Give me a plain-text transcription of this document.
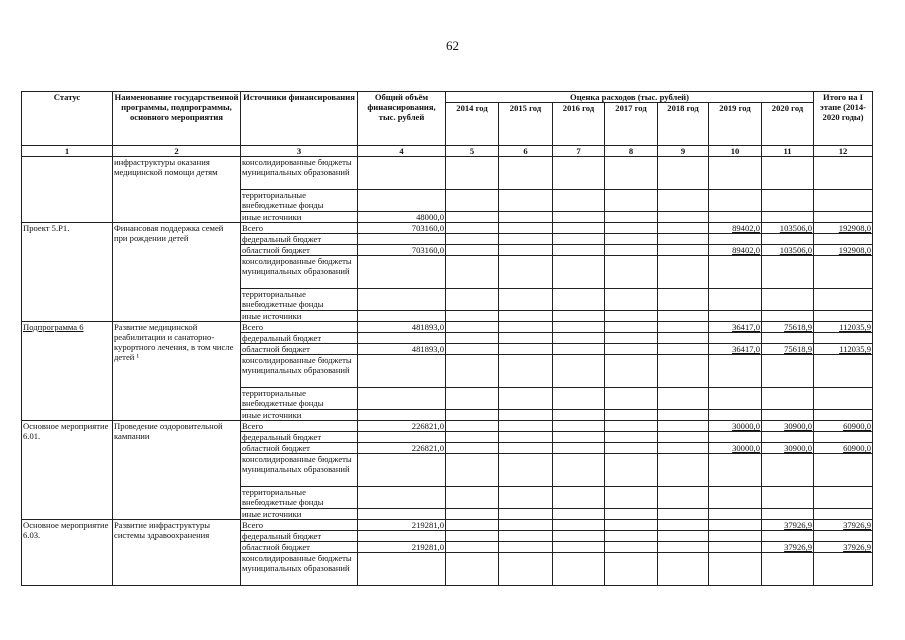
62
Статус	Наименование государственной программы, подпрограммы, основного мероприятия	Источники финансирования	Общий объём финансирования, тыс. рублей	Оценка расходов (тыс. рублей)							Итого на I этапе (2014-2020 годы)
				2014 год	2015 год	2016 год	2017 год	2018 год	2019 год	2020 год	
1	2	3	4	5	6	7	8	9	10	11	12
	инфраструктуры оказания медицинской помощи детям	консолидированные бюджеты муниципальных образований									
		территориальные внебюджетные фонды									
		иные источники	48000,0								
Проект 5.Р1.	Финансовая поддержка семей при рождении детей	Всего	703160,0						89402,0	103506,0	192908,0
		федеральный бюджет									
		областной бюджет	703160,0						89402,0	103506,0	192908,0
		консолидированные бюджеты муниципальных образований									
		территориальные внебюджетные фонды									
		иные источники									
Подпрограмма 6	Развитие медицинской реабилитации и санаторно-курортного лечения, в том числе детей ¹	Всего	481893,0						36417,0	75618,9	112035,9
		федеральный бюджет									
		областной бюджет	481893,0						36417,0	75618,9	112035,9
		консолидированные бюджеты муниципальных образований									
		территориальные внебюджетные фонды									
		иные источники									
Основное мероприятие 6.01.	Проведение оздоровительной кампании	Всего	226821,0						30000,0	30900,0	60900,0
		федеральный бюджет									
		областной бюджет	226821,0						30000,0	30900,0	60900,0
		консолидированные бюджеты муниципальных образований									
		территориальные внебюджетные фонды									
		иные источники									
Основное мероприятие 6.03.	Развитие инфраструктуры системы здравоохранения	Всего	219281,0							37926,9	37926,9
		федеральный бюджет									
		областной бюджет	219281,0							37926,9	37926,9
		консолидированные бюджеты муниципальных образований									
